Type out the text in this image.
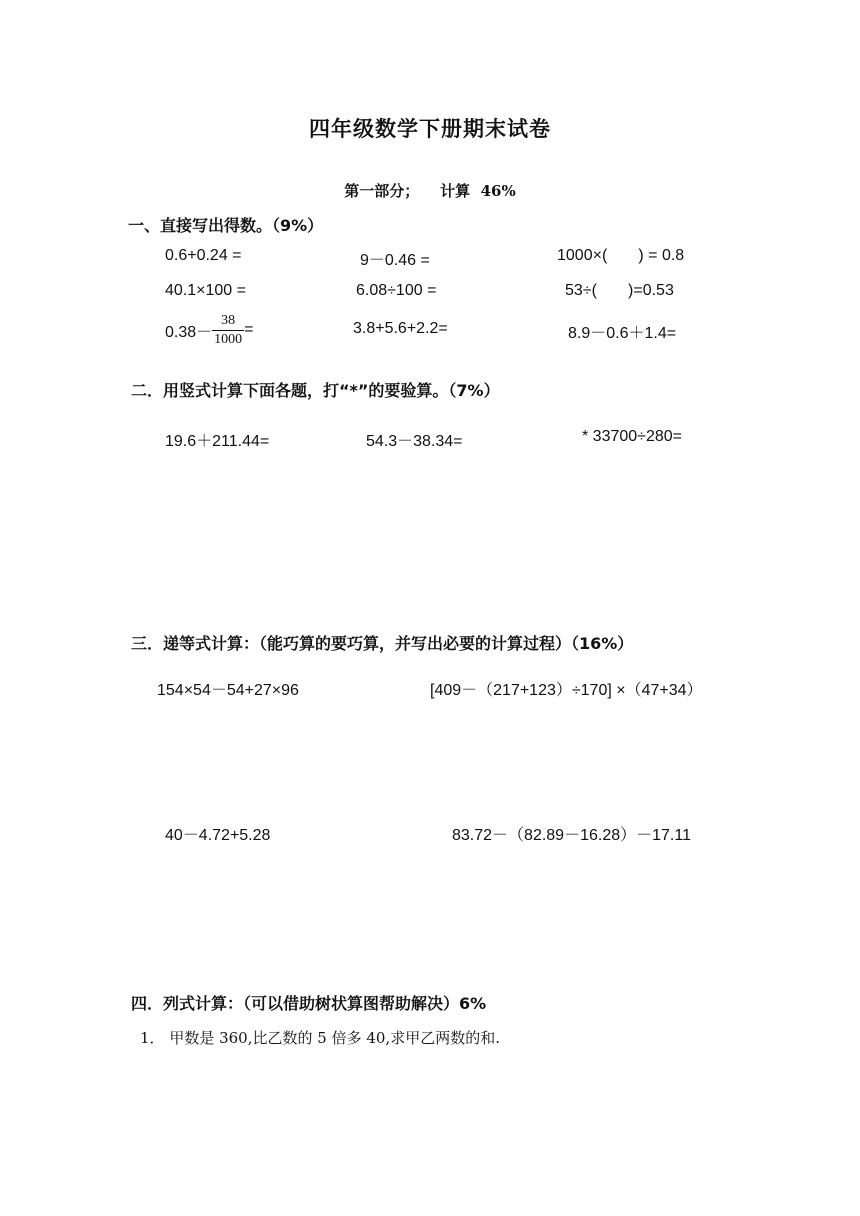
四年级数学下册期末试卷
第一部分；    计算  46%
一、直接写出得数。（9%）
0.6+0.24 =	9－0.46 =	1000×(       ) = 0.8
40.1×100 =	6.08÷100 =	53÷(       )=0.53
$0.38- \frac{38}{1000}$ =	3.8+5.6+2.2=	8.9－0.6＋1.4=
二．用竖式计算下面各题，打“*”的要验算。（7%）
19.6＋211.44=	54.3－38.34=	* 33700÷280=
三．递等式计算：（能巧算的要巧算，并写出必要的计算过程）（16%）
154×54－54+27×96	[409－（217+123）÷170] ×（47+34）
40－4.72+5.28	83.72－（82.89－16.28）－17.11
四．列式计算：（可以借助树状算图帮助解决）6%
1． 甲数是 360,比乙数的 5 倍多 40,求甲乙两数的和.
